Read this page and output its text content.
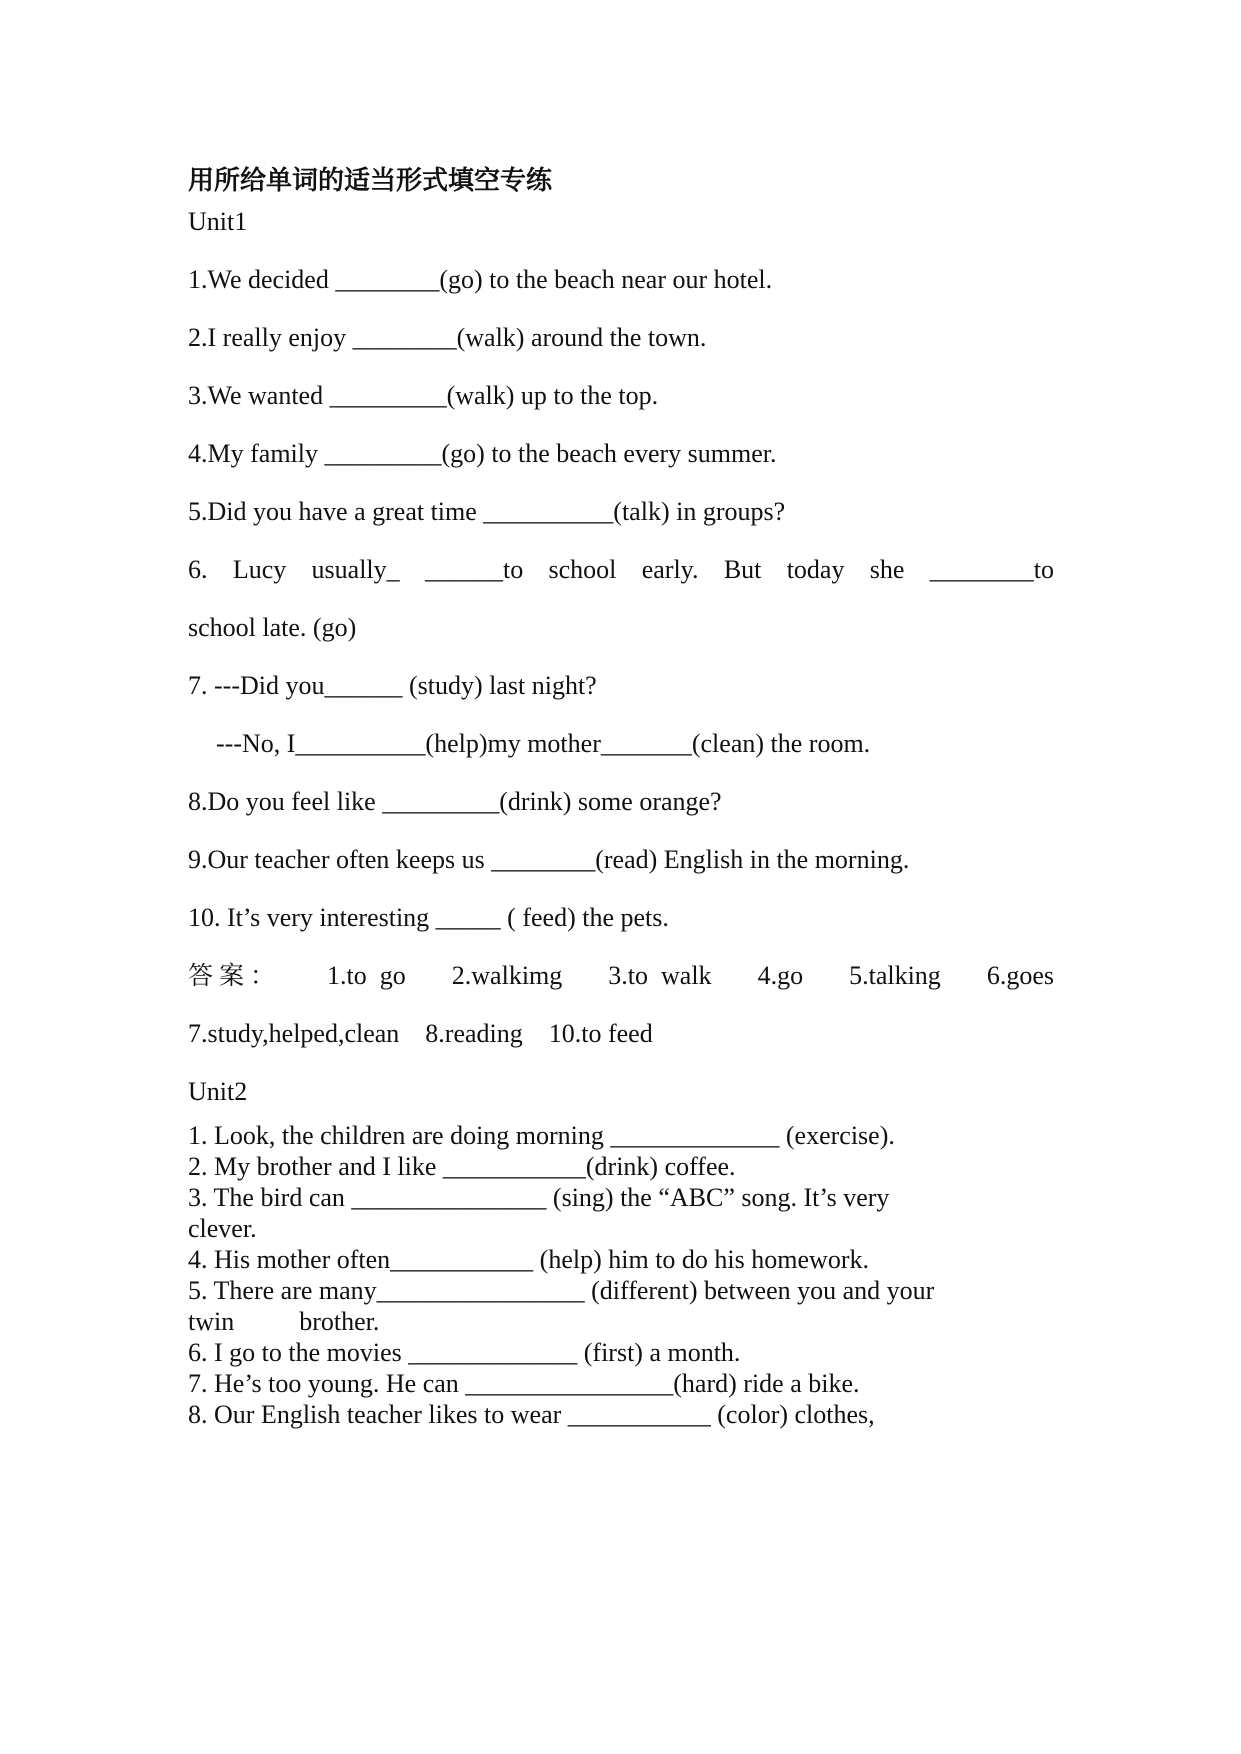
用所给单词的适当形式填空专练
Unit1
1.We decided ________(go) to the beach near our hotel.
2.I really enjoy ________(walk) around the town.
3.We wanted _________(walk) up to the top.
4.My family _________(go) to the beach every summer.
5.Did you have a great time __________(talk) in groups?
6. Lucy usually_ ______to school early. But today she ________to
school late. (go)
7. ---Did you______ (study) last night?
---No, I__________(help)my mother_______(clean) the room.
8.Do you feel like _________(drink) some orange?
9.Our teacher often keeps us ________(read) English in the morning.
10. It’s very interesting _____ ( feed) the pets.
答案： 1.to  go 2.walkimg 3.to  walk 4.go 5.talking 6.goes
7.study,helped,clean    8.reading    10.to feed
Unit2
1. Look, the children are doing morning _____________ (exercise).
2. My brother and I like ___________(drink) coffee.
3. The bird can _______________ (sing) the “ABC” song. It’s very
clever.
4. His mother often___________ (help) him to do his homework.
5. There are many________________ (different) between you and your
twin          brother.
6. I go to the movies _____________ (first) a month.
7. He’s too young. He can ________________(hard) ride a bike.
8. Our English teacher likes to wear ___________ (color) clothes,
